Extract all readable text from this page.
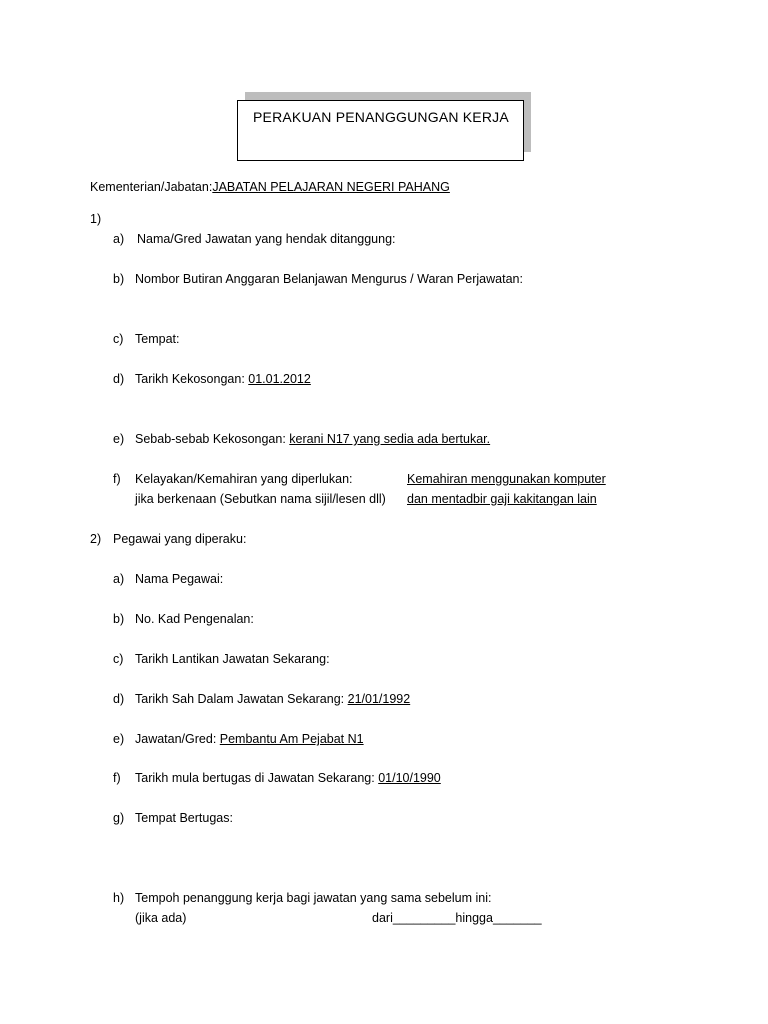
PERAKUAN PENANGGUNGAN KERJA
Kementerian/Jabatan:JABATAN PELAJARAN NEGERI PAHANG
1)
a) Nama/Gred Jawatan yang hendak ditanggung:
b) Nombor Butiran Anggaran Belanjawan Mengurus / Waran Perjawatan:
c) Tempat:
d) Tarikh Kekosongan: 01.01.2012
e) Sebab-sebab Kekosongan: kerani N17 yang sedia ada bertukar.
f) Kelayakan/Kemahiran yang diperlukan:
jika berkenaan (Sebutkan nama sijil/lesen dll)
Kemahiran menggunakan komputer
dan mentadbir gaji kakitangan lain
2) Pegawai yang diperaku:
a) Nama Pegawai:
b) No. Kad Pengenalan:
c) Tarikh Lantikan Jawatan Sekarang:
d) Tarikh Sah Dalam Jawatan Sekarang: 21/01/1992
e) Jawatan/Gred: Pembantu Am Pejabat N1
f) Tarikh mula bertugas di Jawatan Sekarang: 01/10/1990
g) Tempat Bertugas:
h) Tempoh penanggung kerja bagi jawatan yang sama sebelum ini:
(jika ada)	dari_________hingga_______
